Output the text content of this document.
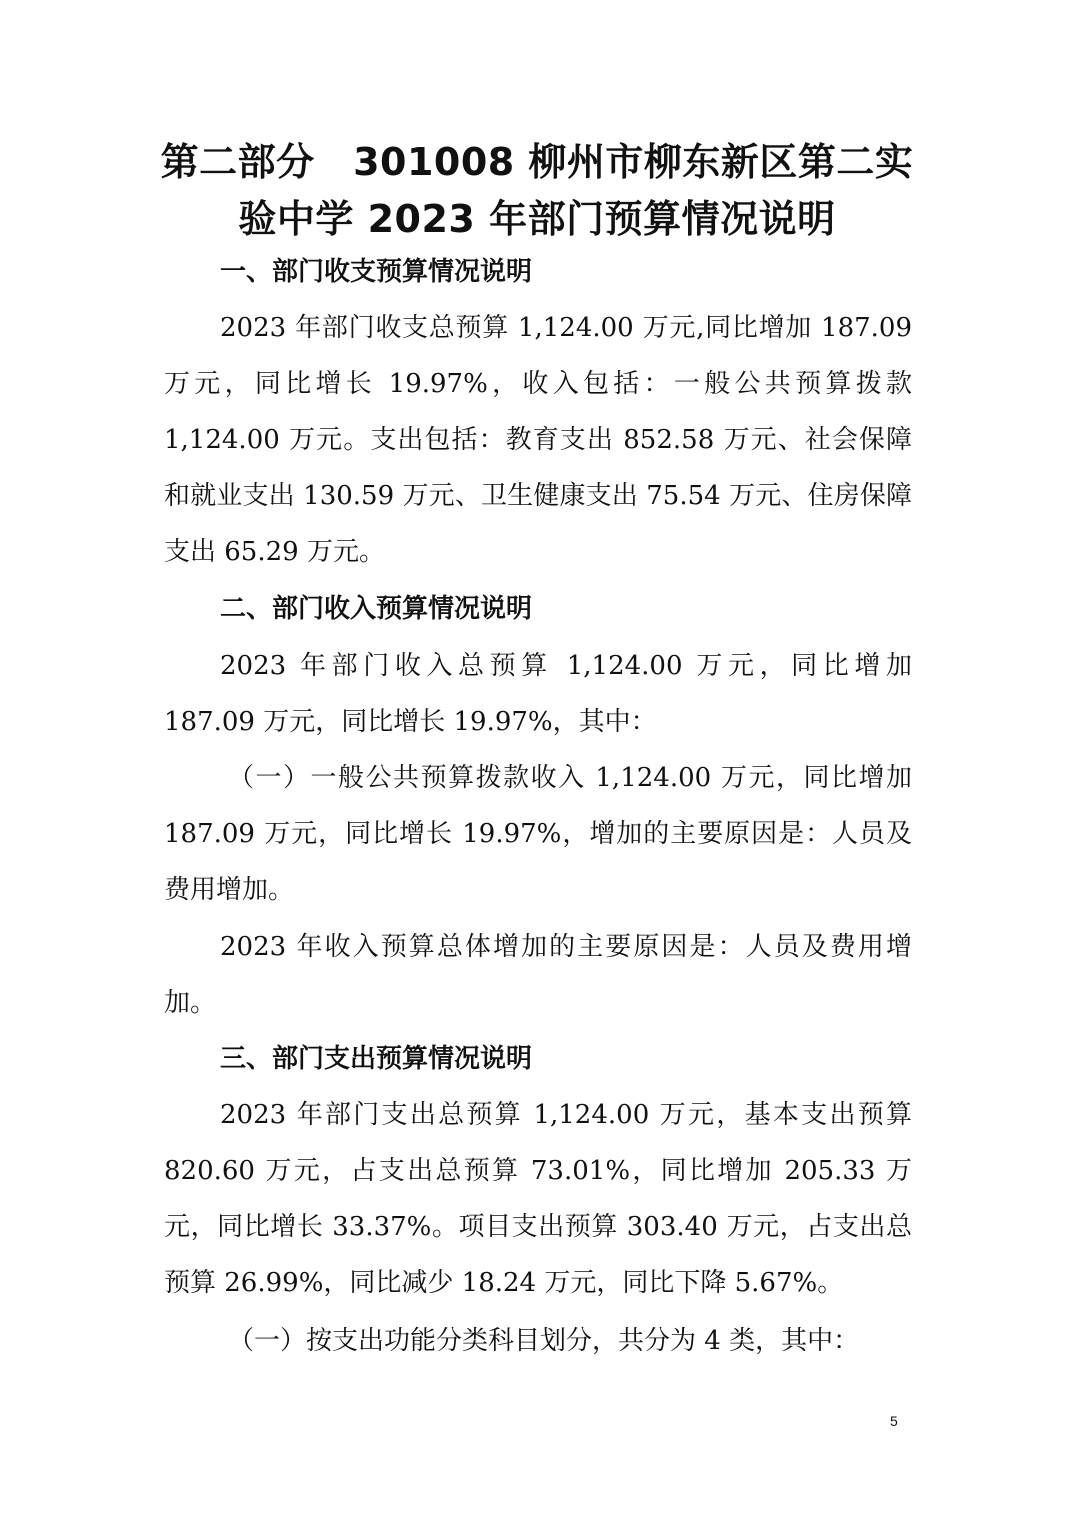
第二部分　301008 柳州市柳东新区第二实
验中学 2023 年部门预算情况说明
一、部门收支预算情况说明
2023 年部门收支总预算 1,124.00 万元,同比增加 187.09 万元，同比增长 19.97%，收入包括：一般公共预算拨款 1,124.00 万元。支出包括：教育支出 852.58 万元、社会保障和就业支出 130.59 万元、卫生健康支出 75.54 万元、住房保障支出 65.29 万元。
二、部门收入预算情况说明
2023 年部门收入总预算 1,124.00 万元，同比增加 187.09 万元，同比增长 19.97%，其中：
（一）一般公共预算拨款收入 1,124.00 万元，同比增加 187.09 万元，同比增长 19.97%，增加的主要原因是：人员及费用增加。
2023 年收入预算总体增加的主要原因是：人员及费用增加。
三、部门支出预算情况说明
2023 年部门支出总预算 1,124.00 万元，基本支出预算 820.60 万元，占支出总预算 73.01%，同比增加 205.33 万元，同比增长 33.37%。项目支出预算 303.40 万元，占支出总预算 26.99%，同比减少 18.24 万元，同比下降 5.67%。
（一）按支出功能分类科目划分，共分为 4 类，其中：
5
